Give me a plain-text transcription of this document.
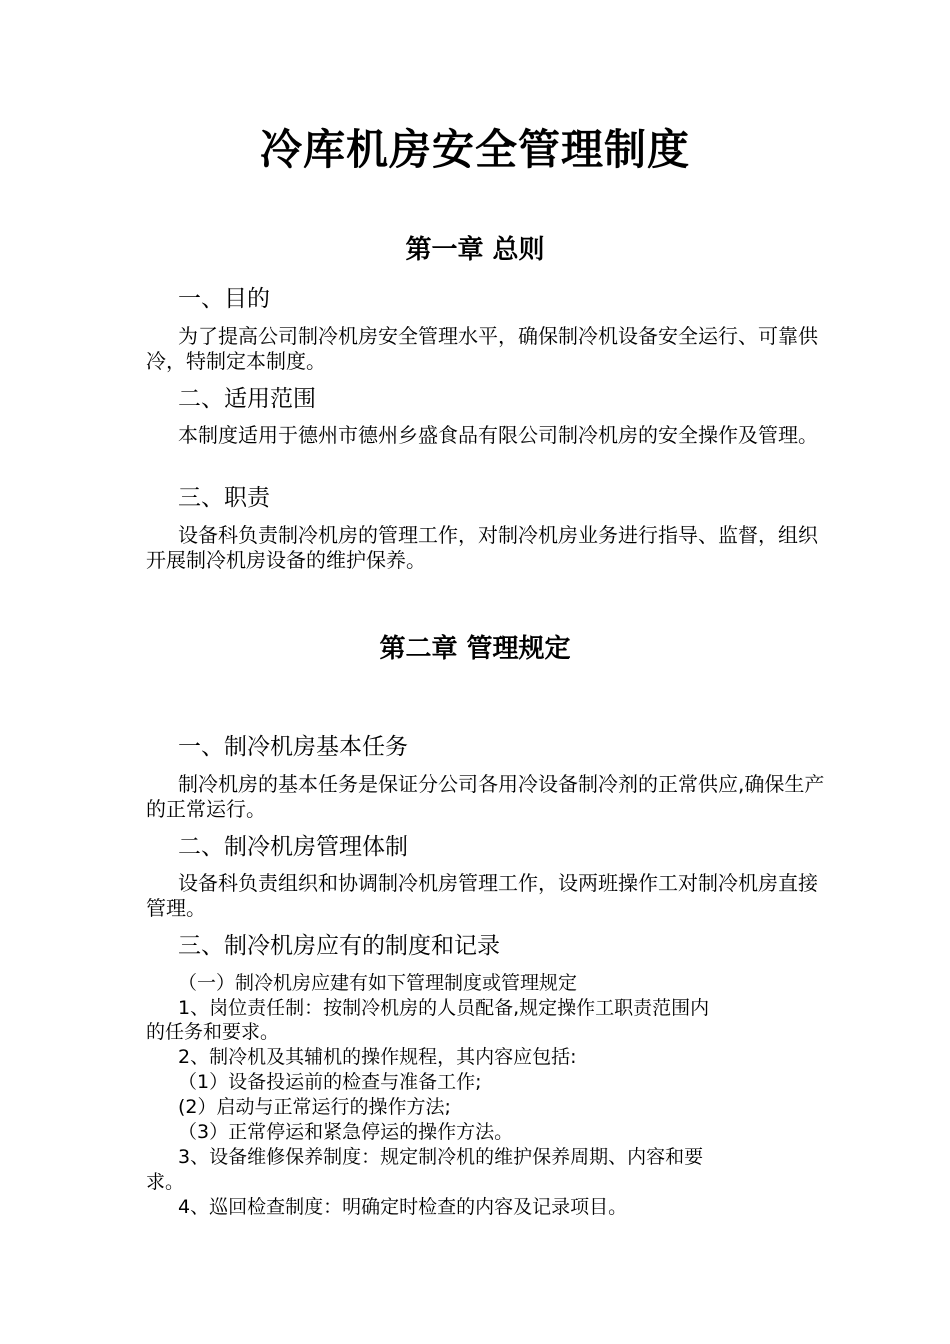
冷库机房安全管理制度
第一章 总则
一、目的
为了提高公司制冷机房安全管理水平，确保制冷机设备安全运行、可靠供冷，特制定本制度。
二、适用范围
本制度适用于德州市德州乡盛食品有限公司制冷机房的安全操作及管理。
三、职责
设备科负责制冷机房的管理工作，对制冷机房业务进行指导、监督，组织开展制冷机房设备的维护保养。
第二章 管理规定
一、制冷机房基本任务
制冷机房的基本任务是保证分公司各用冷设备制冷剂的正常供应,确保生产的正常运行。
二、制冷机房管理体制
设备科负责组织和协调制冷机房管理工作，设两班操作工对制冷机房直接管理。
三、制冷机房应有的制度和记录
（一）制冷机房应建有如下管理制度或管理规定
1、岗位责任制：按制冷机房的人员配备,规定操作工职责范围内
的任务和要求。
2、制冷机及其辅机的操作规程，其内容应包括:
（1）设备投运前的检查与准备工作;
(2）启动与正常运行的操作方法;
（3）正常停运和紧急停运的操作方法。
3、设备维修保养制度：规定制冷机的维护保养周期、内容和要
求。
4、巡回检查制度：明确定时检查的内容及记录项目。
